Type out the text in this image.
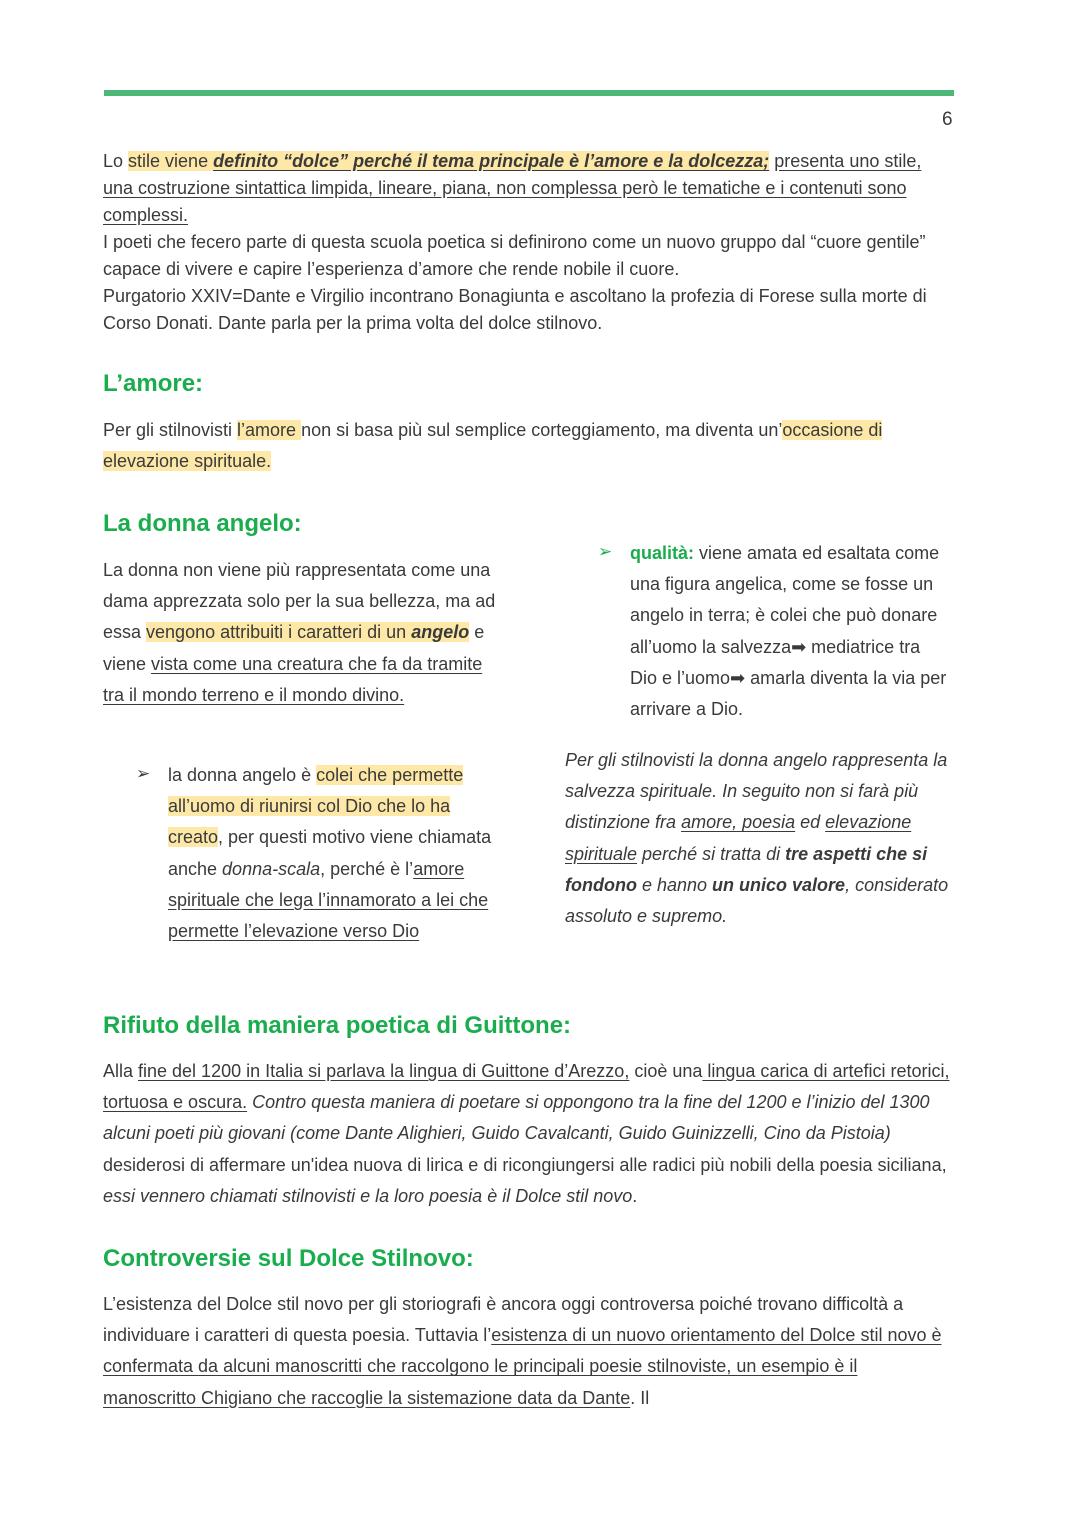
6

Lo stile viene definito “dolce” perché il tema principale è l’amore e la dolcezza; presenta uno stile, una costruzione sintattica limpida, lineare, piana, non complessa però le tematiche e i contenuti sono complessi.

I poeti che fecero parte di questa scuola poetica si definirono come un nuovo gruppo dal “cuore gentile” capace di vivere e capire l’esperienza d’amore che rende nobile il cuore.

Purgatorio XXIV=Dante e Virgilio incontrano Bonagiunta e ascoltano la profezia di Forese sulla morte di Corso Donati. Dante parla per la prima volta del dolce stilnovo.

L’amore:
Per gli stilnovisti l’amore non si basa più sul semplice corteggiamento, ma diventa un’occasione di elevazione spirituale.
La donna angelo:
La donna non viene più rappresentata come una dama apprezzata solo per la sua bellezza, ma ad essa vengono attribuiti i caratteri di un angelo e viene vista come una creatura che fa da tramite tra il mondo terreno e il mondo divino.
➢ la donna angelo è colei che permette all’uomo di riunirsi col Dio che lo ha creato, per questi motivo viene chiamata anche donna-scala, perché è l’amore spirituale che lega l’innamorato a lei che permette l’elevazione verso Dio
➢ qualità: viene amata ed esaltata come una figura angelica, come se fosse un angelo in terra; è colei che può donare all’uomo la salvezza➡ mediatrice tra Dio e l’uomo➡ amarla diventa la via per arrivare a Dio.
Per gli stilnovisti la donna angelo rappresenta la salvezza spirituale. In seguito non si farà più distinzione fra amore, poesia ed elevazione spirituale perché si tratta di tre aspetti che si fondono e hanno un unico valore, considerato assoluto e supremo.
Rifiuto della maniera poetica di Guittone:
Alla fine del 1200 in Italia si parlava la lingua di Guittone d’Arezzo, cioè una lingua carica di artefici retorici, tortuosa e oscura. Contro questa maniera di poetare si oppongono tra la fine del 1200 e l’inizio del 1300 alcuni poeti più giovani (come Dante Alighieri, Guido Cavalcanti, Guido Guinizzelli, Cino da Pistoia) desiderosi di affermare un'idea nuova di lirica e di ricongiungersi alle radici più nobili della poesia siciliana, essi vennero chiamati stilnovisti e la loro poesia è il Dolce stil novo.
Controversie sul Dolce Stilnovo:
L’esistenza del Dolce stil novo per gli storiografi è ancora oggi controversa poiché trovano difficoltà a individuare i caratteri di questa poesia. Tuttavia l’esistenza di un nuovo orientamento del Dolce stil novo è confermata da alcuni manoscritti che raccolgono le principali poesie stilnoviste, un esempio è il manoscritto Chigiano che raccoglie la sistemazione data da Dante. Il
